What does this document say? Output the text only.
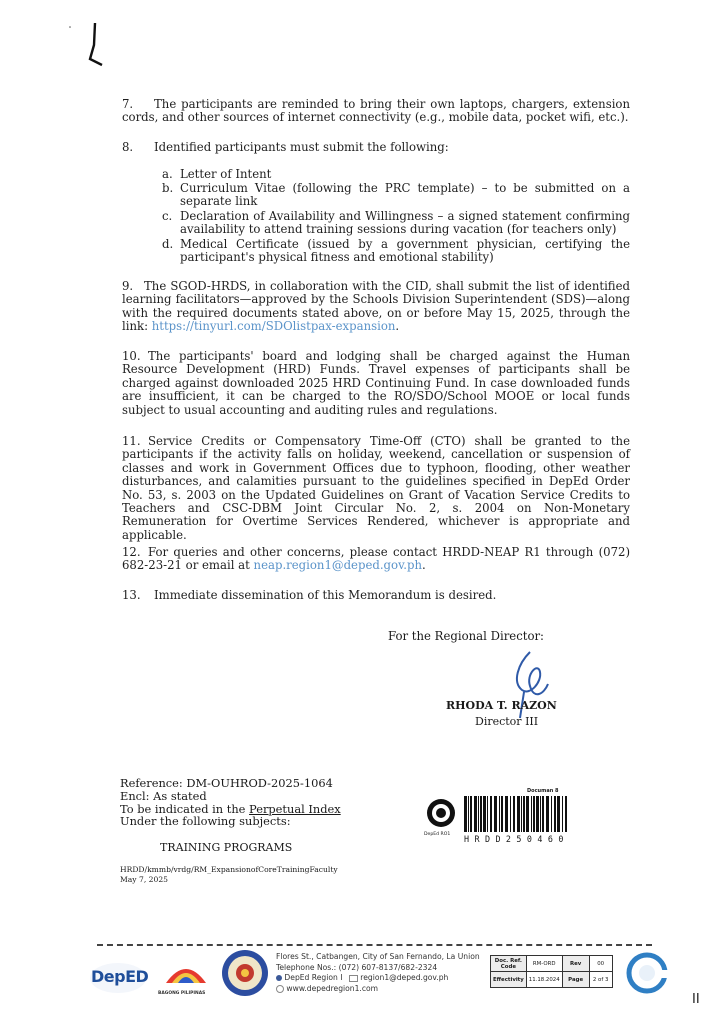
7. The participants are reminded to bring their own laptops, chargers, extension cords, and other sources of internet connectivity (e.g., mobile data, pocket wifi, etc.).
8. Identified participants must submit the following:
a. Letter of Intent
b. Curriculum Vitae (following the PRC template) – to be submitted on a separate link
c. Declaration of Availability and Willingness – a signed statement confirming availability to attend training sessions during vacation (for teachers only)
d. Medical Certificate (issued by a government physician, certifying the participant's physical fitness and emotional stability)
9. The SGOD-HRDS, in collaboration with the CID, shall submit the list of identified learning facilitators—approved by the Schools Division Superintendent (SDS)—along with the required documents stated above, on or before May 15, 2025, through the link: https://tinyurl.com/SDOlistpax-expansion.
10. The participants' board and lodging shall be charged against the Human Resource Development (HRD) Funds. Travel expenses of participants shall be charged against downloaded 2025 HRD Continuing Fund. In case downloaded funds are insufficient, it can be charged to the RO/SDO/School MOOE or local funds subject to usual accounting and auditing rules and regulations.
11. Service Credits or Compensatory Time-Off (CTO) shall be granted to the participants if the activity falls on holiday, weekend, cancellation or suspension of classes and work in Government Offices due to typhoon, flooding, other weather disturbances, and calamities pursuant to the guidelines specified in DepEd Order No. 53, s. 2003 on the Updated Guidelines on Grant of Vacation Service Credits to Teachers and CSC-DBM Joint Circular No. 2, s. 2004 on Non-Monetary Remuneration for Overtime Services Rendered, whichever is appropriate and applicable.
12. For queries and other concerns, please contact HRDD-NEAP R1 through (072) 682-23-21 or email at neap.region1@deped.gov.ph.
13. Immediate dissemination of this Memorandum is desired.
For the Regional Director:
RHODA T. RAZON
Director III
Reference: DM-OUHROD-2025-1064
Encl: As stated
To be indicated in the Perpetual Index
Under the following subjects:
TRAINING PROGRAMS
HRDD/kmmb/vrdg/RM_ExpansionofCoreTrainingFaculty
May 7, 2025
Documan 8
DepEd RO1 H R D D 2 5 0 4 6 0
DepED
BAGONG PILIPINAS
Flores St., Catbangen, City of San Fernando, La Union
Telephone Nos.: (072) 607-8137/682-2324
DepEd Region I region1@deped.gov.ph
www.depedregion1.com
Doc. Ref. Code	RM-ORD	Rev	00
Effectivity	11.18.2024	Page	2 of 3
II
